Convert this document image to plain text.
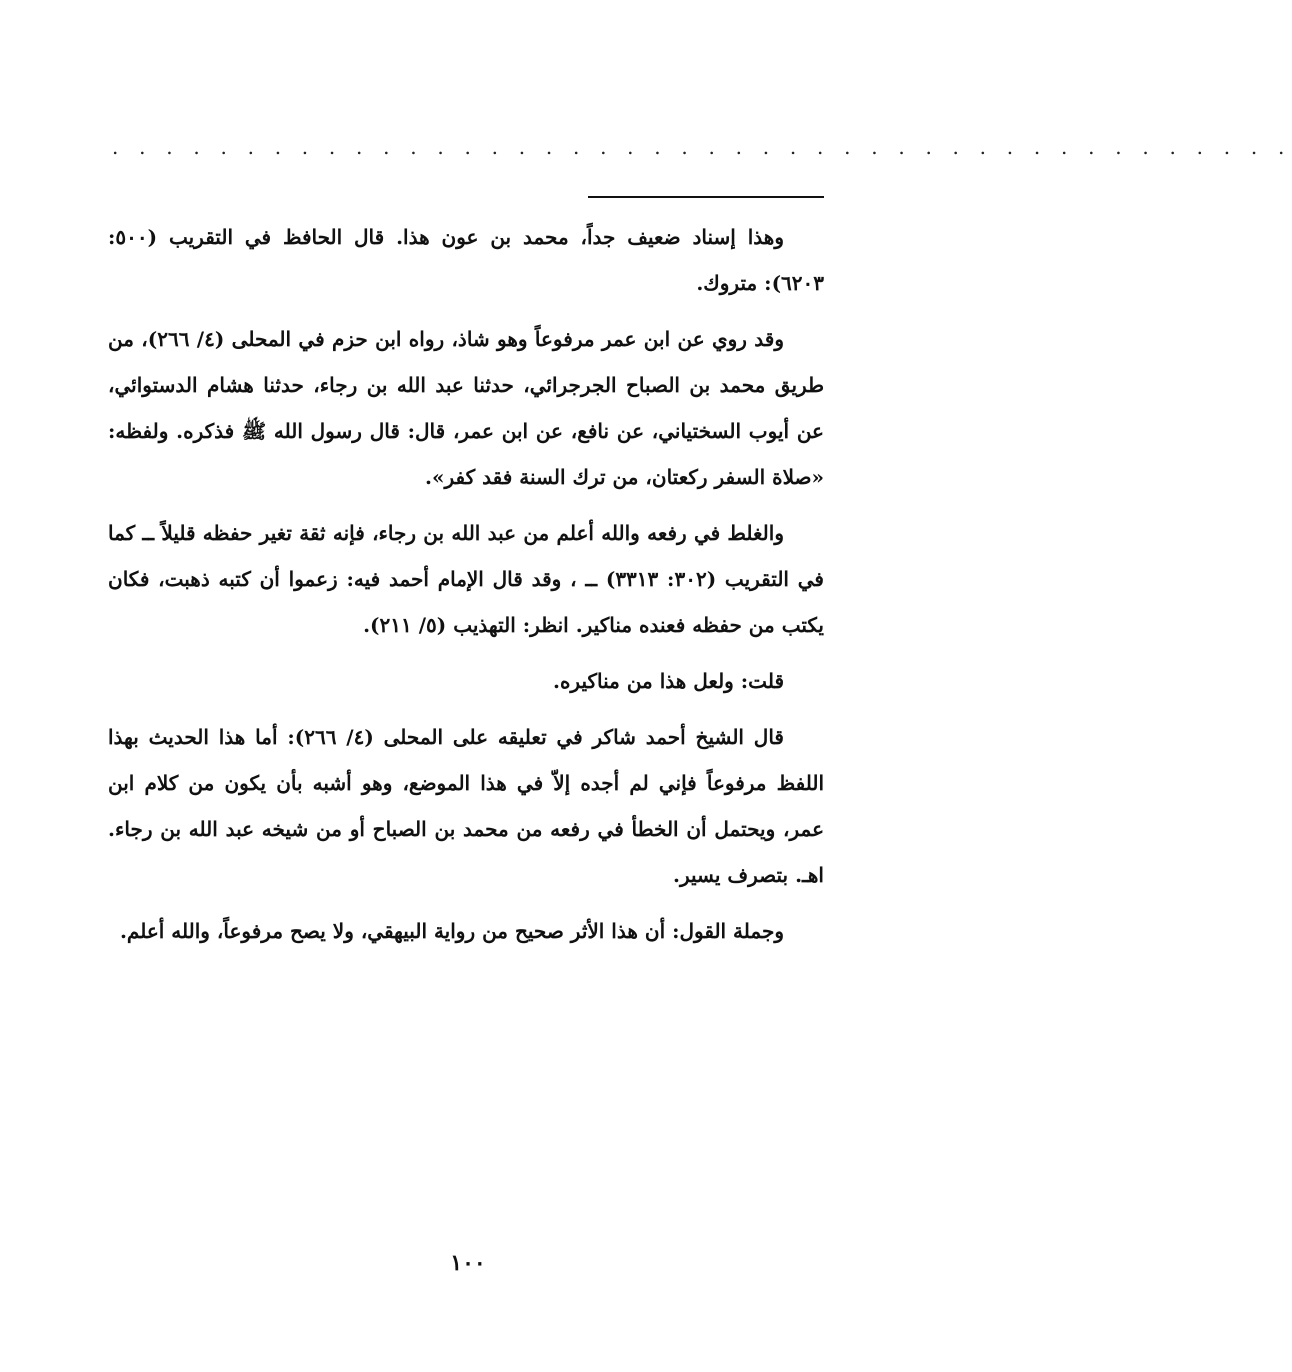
. . . . . . . . . . . . . . . . . . . . . . . . . . . . . . . . . . . . . . . . . . . .

وهذا إسناد ضعيف جداً، محمد بن عون هذا. قال الحافظ في التقريب (٥٠٠: ٦٢٠٣): متروك.

وقد روي عن ابن عمر مرفوعاً وهو شاذ، رواه ابن حزم في المحلى (٤/ ٢٦٦)، من طريق محمد بن الصباح الجرجرائي، حدثنا عبد الله بن رجاء، حدثنا هشام الدستوائي، عن أيوب السختياني، عن نافع، عن ابن عمر، قال: قال رسول الله ﷺ فذكره. ولفظه: «صلاة السفر ركعتان، من ترك السنة فقد كفر».

والغلط في رفعه والله أعلم من عبد الله بن رجاء، فإنه ثقة تغير حفظه قليلاً ــ كما في التقريب (٣٠٢: ٣٣١٣) ــ ، وقد قال الإمام أحمد فيه: زعموا أن كتبه ذهبت، فكان يكتب من حفظه فعنده مناكير. انظر: التهذيب (٥/ ٢١١).

قلت: ولعل هذا من مناكيره.

قال الشيخ أحمد شاكر في تعليقه على المحلى (٤/ ٢٦٦): أما هذا الحديث بهذا اللفظ مرفوعاً فإني لم أجده إلاّ في هذا الموضع، وهو أشبه بأن يكون من كلام ابن عمر، ويحتمل أن الخطأ في رفعه من محمد بن الصباح أو من شيخه عبد الله بن رجاء. اهـ. بتصرف يسير.

وجملة القول: أن هذا الأثر صحيح من رواية البيهقي، ولا يصح مرفوعاً، والله أعلم.

١٠٠
